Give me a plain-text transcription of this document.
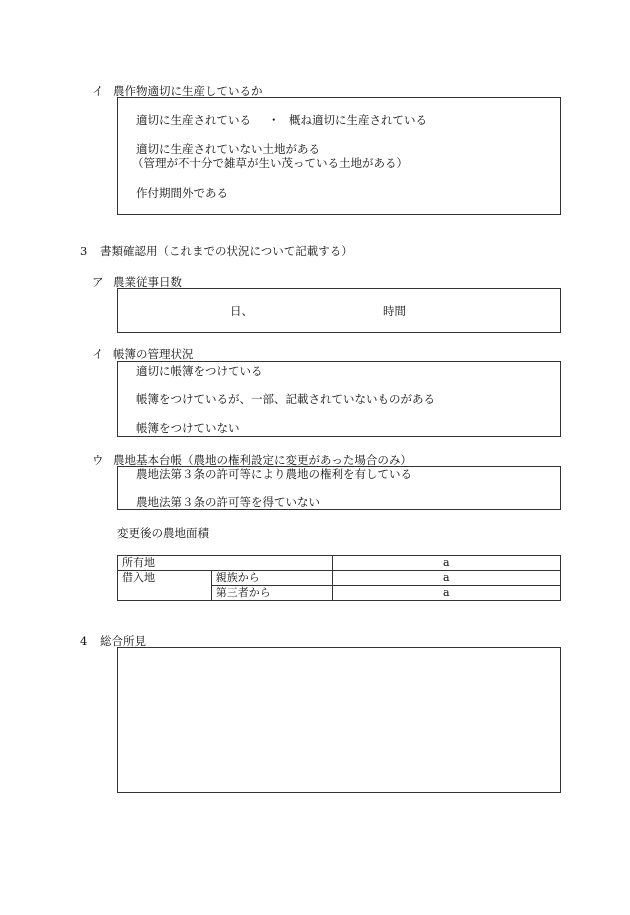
イ 農作物適切に生産しているか
適切に生産されている ・ 概ね適切に生産されている
適切に生産されていない土地がある
（管理が不十分で雑草が生い茂っている土地がある）
作付期間外である
3 書類確認用（これまでの状況について記載する）
ア 農業従事日数
日、	時間
イ 帳簿の管理状況
適切に帳簿をつけている
帳簿をつけているが、一部、記載されていないものがある
帳簿をつけていない
ウ 農地基本台帳（農地の権利設定に変更があった場合のみ）
農地法第３条の許可等により農地の権利を有している
農地法第３条の許可等を得ていない
変更後の農地面積
所有地		a
借入地	親族から	a
	第三者から	a
4 総合所見
